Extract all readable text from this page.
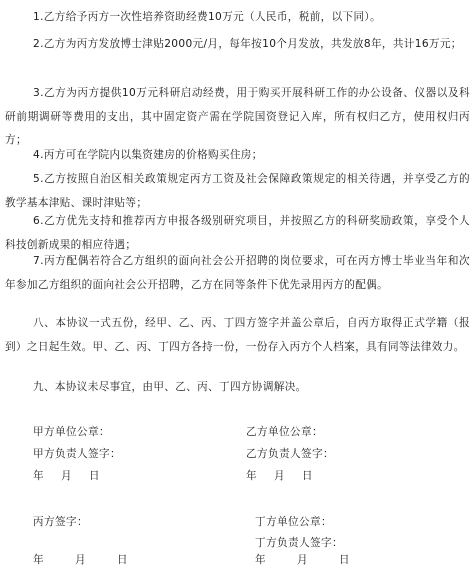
1.乙方给予丙方一次性培养资助经费10万元（人民币，税前，以下同）。

2.乙方为丙方发放博士津贴2000元/月，每年按10个月发放，共发放8年，共计16万元；

3.乙方为丙方提供10万元科研启动经费，用于购买开展科研工作的办公设备、仪器以及科研前期调研等费用的支出，其中固定资产需在学院国资登记入库，所有权归乙方，使用权归丙方；

4.丙方可在学院内以集资建房的价格购买住房；

5.乙方按照自治区相关政策规定丙方工资及社会保障政策规定的相关待遇，并享受乙方的教学基本津贴、课时津贴等；

6.乙方优先支持和推荐丙方申报各级别研究项目，并按照乙方的科研奖励政策，享受个人科技创新成果的相应待遇；

7.丙方配偶若符合乙方组织的面向社会公开招聘的岗位要求，可在丙方博士毕业当年和次年参加乙方组织的面向社会公开招聘，乙方在同等条件下优先录用丙方的配偶。

八、本协议一式五份，经甲、乙、丙、丁四方签字并盖公章后，自丙方取得正式学籍（报到）之日起生效。甲、乙、丙、丁四方各持一份，一份存入丙方个人档案，具有同等法律效力。

九、本协议未尽事宜，由甲、乙、丙、丁四方协调解决。

甲方单位公章：

甲方负责人签字：

年 月 日

乙方单位公章：

乙方负责人签字：

年 月 日

丙方签字：	丁方单位公章：

丁方负责人签字：

年 月 日	年 月 日
